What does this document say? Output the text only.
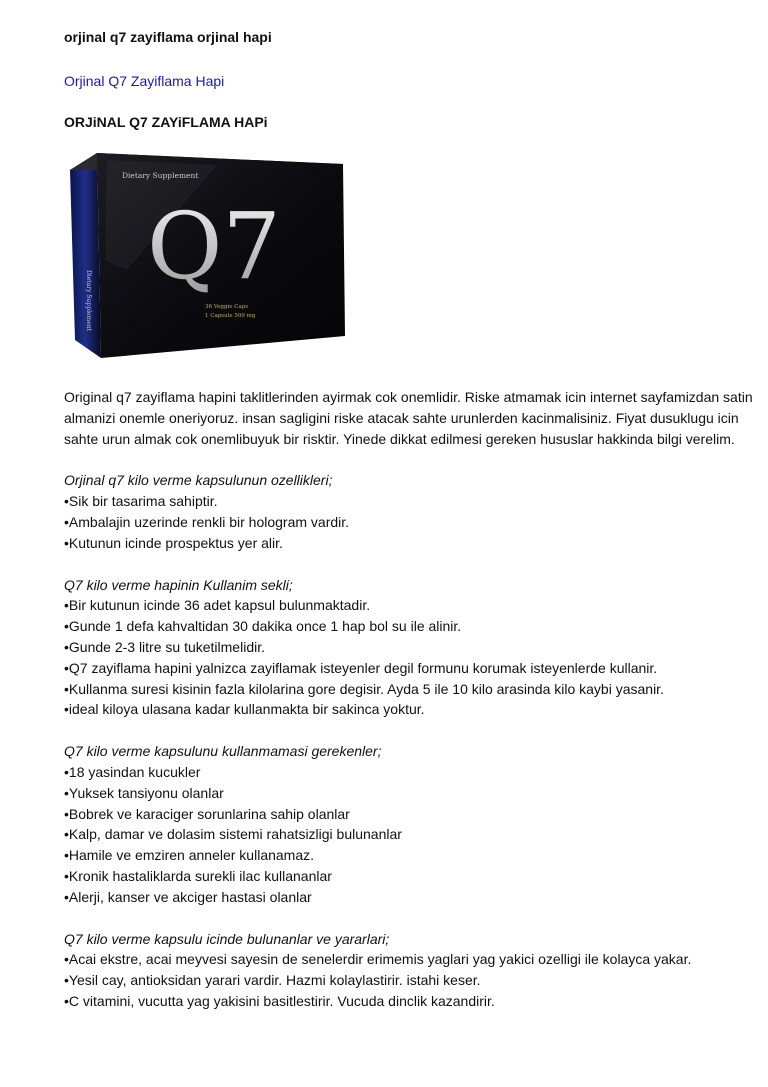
orjinal q7 zayiflama orjinal hapi
Orjinal Q7 Zayiflama Hapi
ORJiNAL Q7 ZAYiFLAMA HAPi
Dietary Supplement
Q7
36 Veggie Caps
1 Capsule 500 mg
Dietary Supplement

Original q7 zayiflama hapini taklitlerinden ayirmak cok onemlidir. Riske atmamak icin internet sayfamizdan satin almanizi onemle oneriyoruz. insan sagligini riske atacak sahte urunlerden kacinmalisiniz. Fiyat dusuklugu icin sahte urun almak cok onemlibuyuk bir risktir. Yinede dikkat edilmesi gereken hususlar hakkinda bilgi verelim.

Orjinal q7 kilo verme kapsulunun ozellikleri;
•Sik bir tasarima sahiptir.
•Ambalajin uzerinde renkli bir hologram vardir.
•Kutunun icinde prospektus yer alir.
Q7 kilo verme hapinin Kullanim sekli;
•Bir kutunun icinde 36 adet kapsul bulunmaktadir.
•Gunde 1 defa kahvaltidan 30 dakika once 1 hap bol su ile alinir.
•Gunde 2-3 litre su tuketilmelidir.
•Q7 zayiflama hapini yalnizca zayiflamak isteyenler degil formunu korumak isteyenlerde kullanir.
•Kullanma suresi kisinin fazla kilolarina gore degisir. Ayda 5 ile 10 kilo arasinda kilo kaybi yasanir.
•ideal kiloya ulasana kadar kullanmakta bir sakinca yoktur.
Q7 kilo verme kapsulunu kullanmamasi gerekenler;
•18 yasindan kucukler
•Yuksek tansiyonu olanlar
•Bobrek ve karaciger sorunlarina sahip olanlar
•Kalp, damar ve dolasim sistemi rahatsizligi bulunanlar
•Hamile ve emziren anneler kullanamaz.
•Kronik hastaliklarda surekli ilac kullananlar
•Alerji, kanser ve akciger hastasi olanlar
Q7 kilo verme kapsulu icinde bulunanlar ve yararlari;
•Acai ekstre, acai meyvesi sayesin de senelerdir erimemis yaglari yag yakici ozelligi ile kolayca yakar.
•Yesil cay, antioksidan yarari vardir. Hazmi kolaylastirir. istahi keser.
•C vitamini, vucutta yag yakisini basitlestirir. Vucuda dinclik kazandirir.
